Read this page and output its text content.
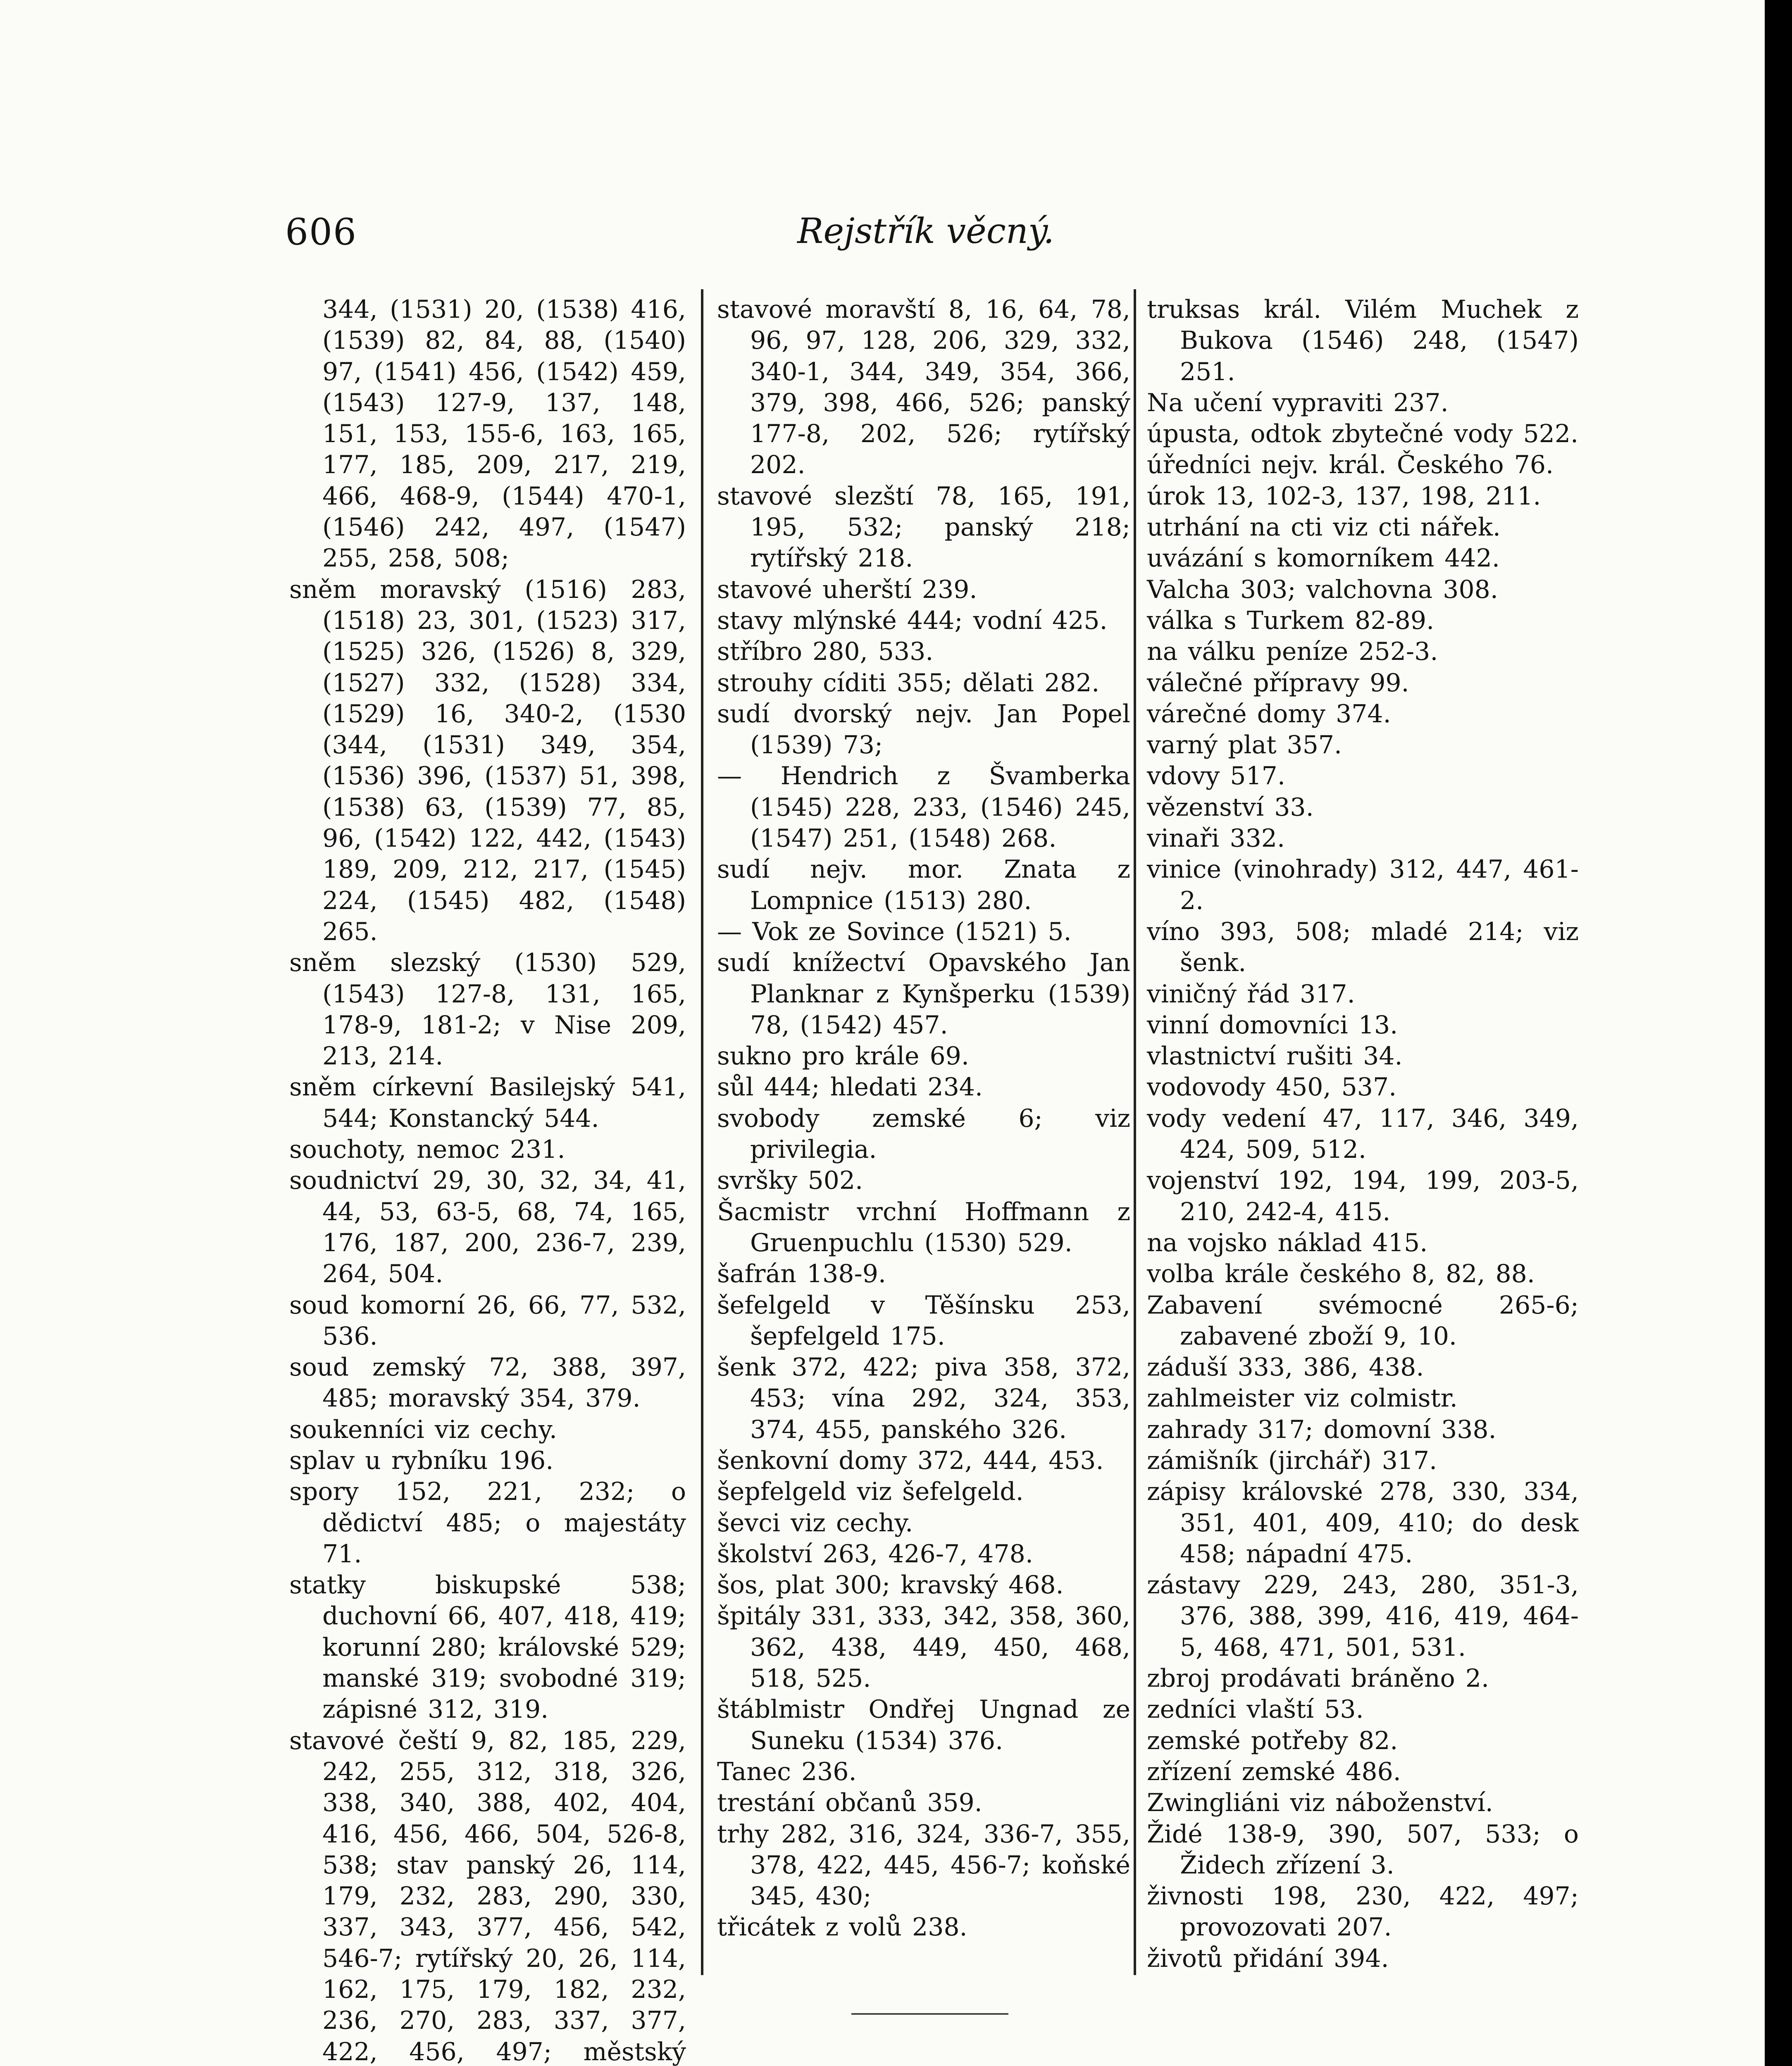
606	Rejstřík věcný.

344, (1531) 20, (1538) 416, (1539) 82, 84, 88, (1540) 97, (1541) 456, (1542) 459, (1543) 127-9, 137, 148, 151, 153, 155-6, 163, 165, 177, 185, 209, 217, 219, 466, 468-9, (1544) 470-1, (1546) 242, 497, (1547) 255, 258, 508;

sněm moravský (1516) 283, (1518) 23, 301, (1523) 317, (1525) 326, (1526) 8, 329, (1527) 332, (1528) 334, (1529) 16, 340-2, (1530 (344, (1531) 349, 354, (1536) 396, (1537) 51, 398, (1538) 63, (1539) 77, 85, 96, (1542) 122, 442, (1543) 189, 209, 212, 217, (1545) 224, (1545) 482, (1548) 265.

sněm slezský (1530) 529, (1543) 127-8, 131, 165, 178-9, 181-2; v Nise 209, 213, 214.

sněm církevní Basilejský 541, 544; Konstancký 544.

souchoty, nemoc 231.

soudnictví 29, 30, 32, 34, 41, 44, 53, 63-5, 68, 74, 165, 176, 187, 200, 236-7, 239, 264, 504.

soud komorní 26, 66, 77, 532, 536.

soud zemský 72, 388, 397, 485; moravský 354, 379.

soukenníci viz cechy.

splav u rybníku 196.

spory 152, 221, 232; o dědictví 485; o majestáty 71.

statky biskupské 538; duchovní 66, 407, 418, 419; korunní 280; královské 529; manské 319; svobodné 319; zápisné 312, 319.

stavové čeští 9, 82, 185, 229, 242, 255, 312, 318, 326, 338, 340, 388, 402, 404, 416, 456, 466, 504, 526-8, 538; stav panský 26, 114, 179, 232, 283, 290, 330, 337, 343, 377, 456, 542, 546-7; rytířský 20, 26, 114, 162, 175, 179, 182, 232, 236, 270, 283, 337, 377, 422, 456, 497; městský

stavové moravští 8, 16, 64, 78, 96, 97, 128, 206, 329, 332, 340-1, 344, 349, 354, 366, 379, 398, 466, 526; panský 177-8, 202, 526; rytířský 202.

stavové slezští 78, 165, 191, 195, 532; panský 218; rytířský 218.

stavové uherští 239.

stavy mlýnské 444; vodní 425.

stříbro 280, 533.

strouhy cíditi 355; dělati 282.

sudí dvorský nejv. Jan Popel (1539) 73;

— Hendrich z Švamberka (1545) 228, 233, (1546) 245, (1547) 251, (1548) 268.

sudí nejv. mor. Znata z Lompnice (1513) 280.

— Vok ze Sovince (1521) 5.

sudí knížectví Opavského Jan Planknar z Kynšperku (1539) 78, (1542) 457.

sukno pro krále 69.

sůl 444; hledati 234.

svobody zemské 6; viz privilegia.

svršky 502.

Šacmistr vrchní Hoffmann z Gruenpuchlu (1530) 529.

šafrán 138-9.

šefelgeld v Těšínsku 253, šepfelgeld 175.

šenk 372, 422; piva 358, 372, 453; vína 292, 324, 353, 374, 455, panského 326.

šenkovní domy 372, 444, 453.

šepfelgeld viz šefelgeld.

ševci viz cechy.

školství 263, 426-7, 478.

šos, plat 300; kravský 468.

špitály 331, 333, 342, 358, 360, 362, 438, 449, 450, 468, 518, 525.

štáblmistr Ondřej Ungnad ze Suneku (1534) 376.

Tanec 236.

trestání občanů 359.

trhy 282, 316, 324, 336-7, 355, 378, 422, 445, 456-7; koňské 345, 430;

třicátek z volů 238.

truksas král. Vilém Muchek z Bukova (1546) 248, (1547) 251.

Na učení vypraviti 237.

úpusta, odtok zbytečné vody 522.

úředníci nejv. král. Českého 76.

úrok 13, 102-3, 137, 198, 211.

utrhání na cti viz cti nářek.

uvázání s komorníkem 442.

Valcha 303; valchovna 308.

válka s Turkem 82-89.

na válku peníze 252-3.

válečné přípravy 99.

várečné domy 374.

varný plat 357.

vdovy 517.

vězenství 33.

vinaři 332.

vinice (vinohrady) 312, 447, 461-2.

víno 393, 508; mladé 214; viz šenk.

viničný řád 317.

vinní domovníci 13.

vlastnictví rušiti 34.

vodovody 450, 537.

vody vedení 47, 117, 346, 349, 424, 509, 512.

vojenství 192, 194, 199, 203-5, 210, 242-4, 415.

na vojsko náklad 415.

volba krále českého 8, 82, 88.

Zabavení svémocné 265-6; zabavené zboží 9, 10.

záduší 333, 386, 438.

zahlmeister viz colmistr.

zahrady 317; domovní 338.

zámišník (jirchář) 317.

zápisy královské 278, 330, 334, 351, 401, 409, 410; do desk 458; nápadní 475.

zástavy 229, 243, 280, 351-3, 376, 388, 399, 416, 419, 464-5, 468, 471, 501, 531.

zbroj prodávati bráněno 2.

zedníci vlaští 53.

zemské potřeby 82.

zřízení zemské 486.

Zwingliáni viz náboženství.

Židé 138-9, 390, 507, 533; o Židech zřízení 3.

živnosti 198, 230, 422, 497; provozovati 207.

životů přidání 394.
